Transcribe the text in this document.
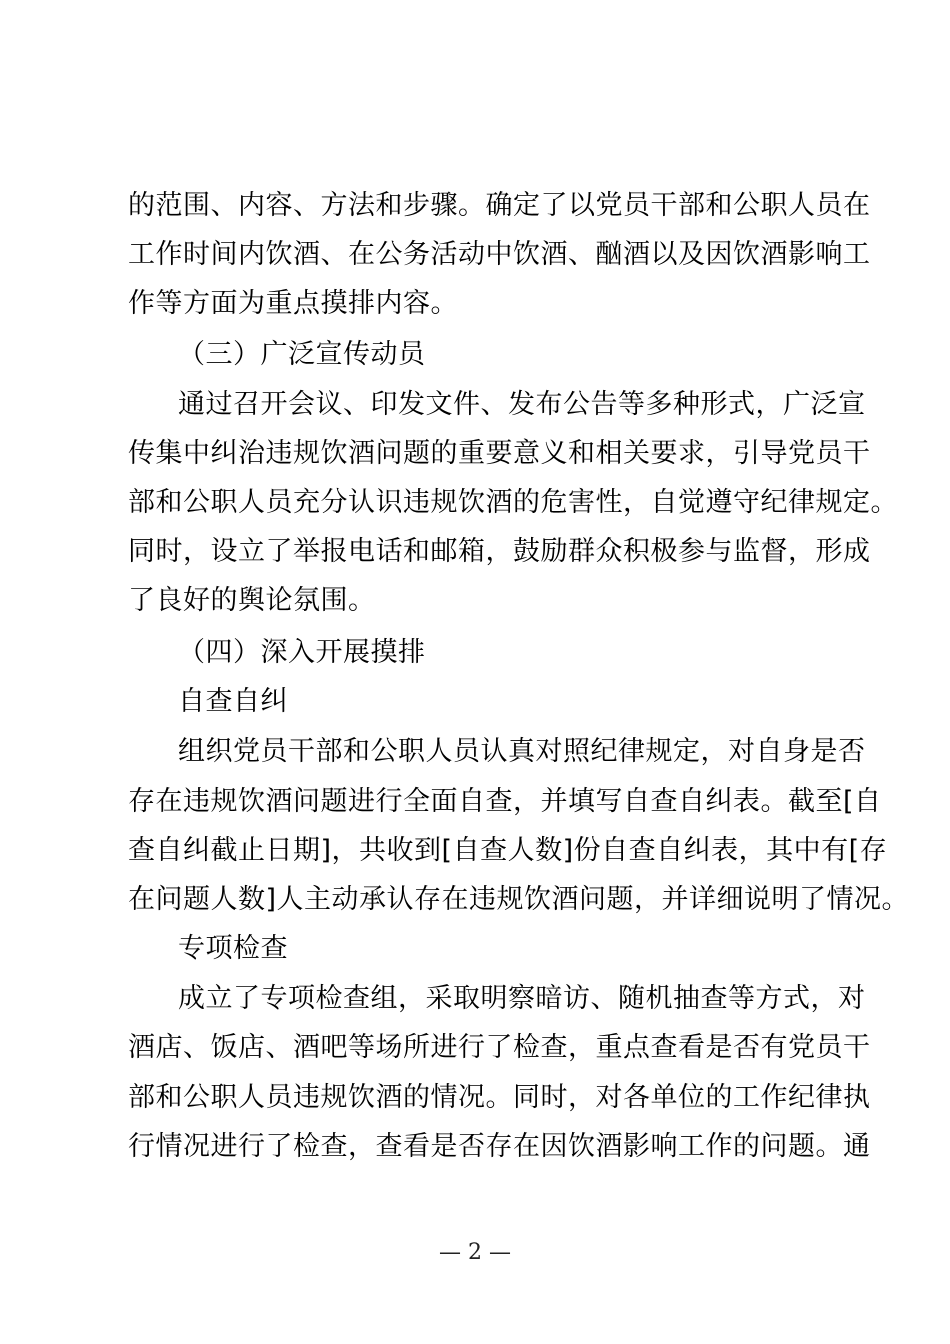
的范围、内容、方法和步骤。确定了以党员干部和公职人员在
工作时间内饮酒、在公务活动中饮酒、酗酒以及因饮酒影响工
作等方面为重点摸排内容。
（三）广泛宣传动员
通过召开会议、印发文件、发布公告等多种形式，广泛宣
传集中纠治违规饮酒问题的重要意义和相关要求，引导党员干
部和公职人员充分认识违规饮酒的危害性，自觉遵守纪律规定。
同时，设立了举报电话和邮箱，鼓励群众积极参与监督，形成
了良好的舆论氛围。
（四）深入开展摸排
自查自纠
组织党员干部和公职人员认真对照纪律规定，对自身是否
存在违规饮酒问题进行全面自查，并填写自查自纠表。截至[自
查自纠截止日期]，共收到[自查人数]份自查自纠表，其中有[存
在问题人数]人主动承认存在违规饮酒问题，并详细说明了情况。
专项检查
成立了专项检查组，采取明察暗访、随机抽查等方式，对
酒店、饭店、酒吧等场所进行了检查，重点查看是否有党员干
部和公职人员违规饮酒的情况。同时，对各单位的工作纪律执
行情况进行了检查，查看是否存在因饮酒影响工作的问题。通
— 2 —
